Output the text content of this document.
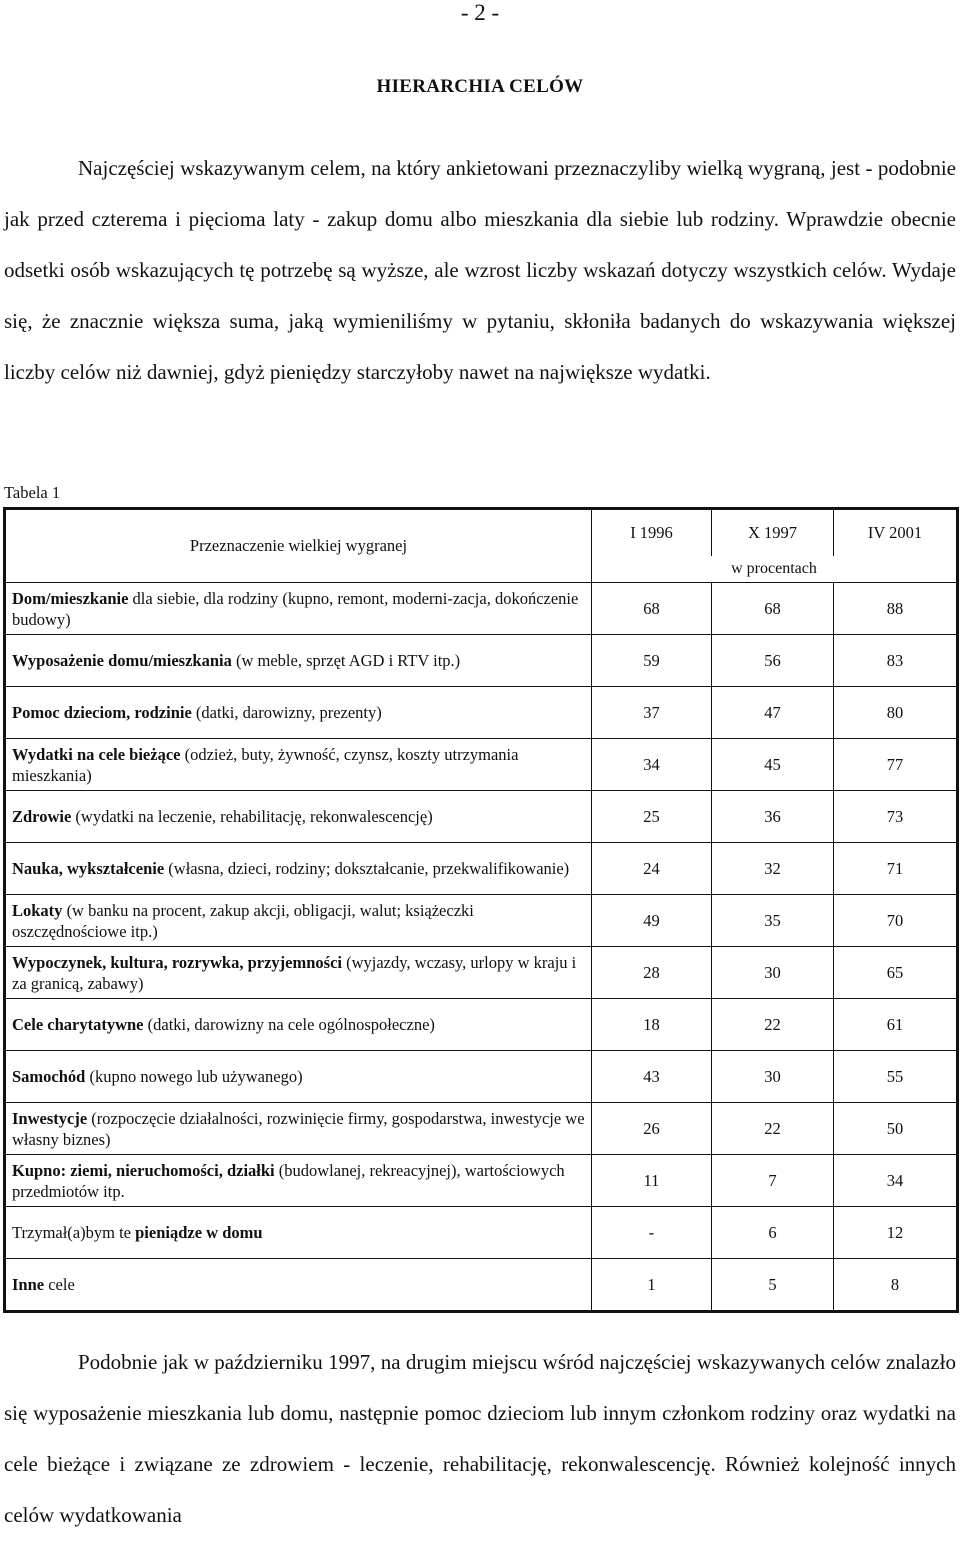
- 2 -
HIERARCHIA CELÓW

Najczęściej wskazywanym celem, na który ankietowani przeznaczyliby wielką wygraną, jest - podobnie jak przed czterema i pięcioma laty - zakup domu albo mieszkania dla siebie lub rodziny. Wprawdzie obecnie odsetki osób wskazujących tę potrzebę są wyższe, ale wzrost liczby wskazań dotyczy wszystkich celów. Wydaje się, że znacznie większa suma, jaką wymieniliśmy w pytaniu, skłoniła badanych do wskazywania większej liczby celów niż dawniej, gdyż pieniędzy starczyłoby nawet na największe wydatki.

Tabela 1
Przeznaczenie wielkiej wygranej	I 1996	X 1997	IV 2001
	w procentach		
Dom/mieszkanie dla siebie, dla rodziny (kupno, remont, moderni-zacja, dokończenie budowy)	68	68	88
Wyposażenie domu/mieszkania (w meble, sprzęt AGD i RTV itp.)	59	56	83
Pomoc dzieciom, rodzinie (datki, darowizny, prezenty)	37	47	80
Wydatki na cele bieżące (odzież, buty, żywność, czynsz, koszty utrzymania mieszkania)	34	45	77
Zdrowie (wydatki na leczenie, rehabilitację, rekonwalescencję)	25	36	73
Nauka, wykształcenie (własna, dzieci, rodziny; dokształcanie, przekwalifikowanie)	24	32	71
Lokaty (w banku na procent, zakup akcji, obligacji, walut; książeczki oszczędnościowe itp.)	49	35	70
Wypoczynek, kultura, rozrywka, przyjemności (wyjazdy, wczasy, urlopy w kraju i za granicą, zabawy)	28	30	65
Cele charytatywne (datki, darowizny na cele ogólnospołeczne)	18	22	61
Samochód (kupno nowego lub używanego)	43	30	55
Inwestycje (rozpoczęcie działalności, rozwinięcie firmy, gospodarstwa, inwestycje we własny biznes)	26	22	50
Kupno: ziemi, nieruchomości, działki (budowlanej, rekreacyjnej), wartościowych przedmiotów itp.	11	7	34
Trzymał(a)bym te pieniądze w domu	-	6	12
Inne cele	1	5	8

Podobnie jak w październiku 1997, na drugim miejscu wśród najczęściej wskazywanych celów znalazło się wyposażenie mieszkania lub domu, następnie pomoc dzieciom lub innym członkom rodziny oraz wydatki na cele bieżące i związane ze zdrowiem - leczenie, rehabilitację, rekonwalescencję. Również kolejność innych celów wydatkowania
